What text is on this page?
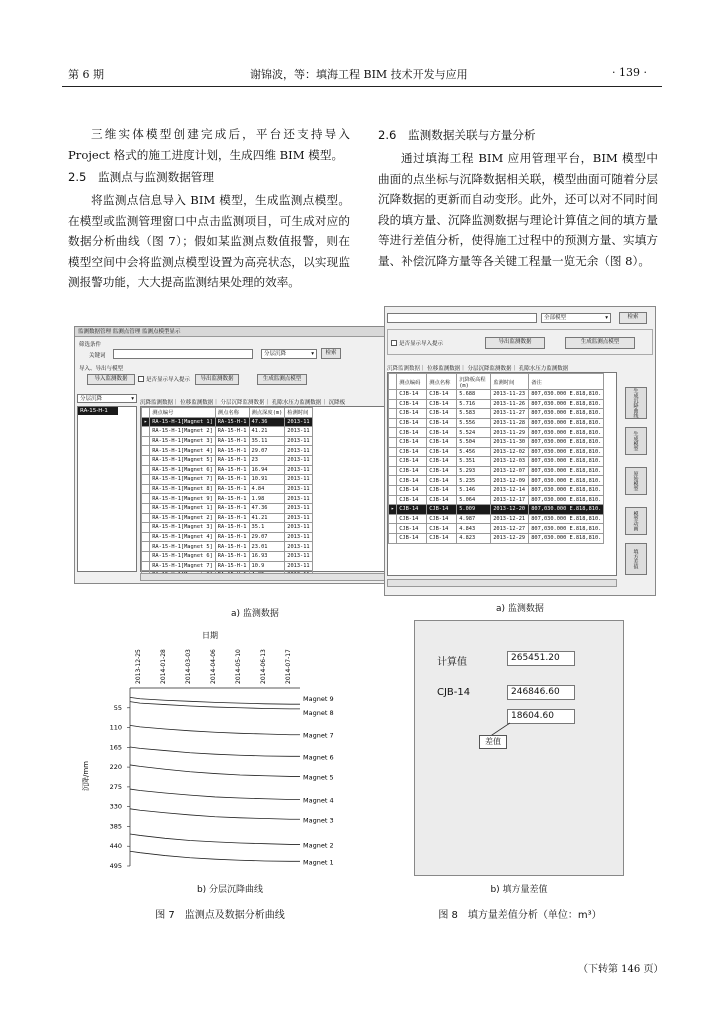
第 6 期	谢锦波，等：填海工程 BIM 技术开发与应用	· 139 ·
三维实体模型创建完成后，平台还支持导入 Project 格式的施工进度计划，生成四维 BIM 模型。
2.5　监测点与监测数据管理
将监测点信息导入 BIM 模型，生成监测点模型。在模型或监测管理窗口中点击监测项目，可生成对应的数据分析曲线（图 7）；假如某监测点数值报警，则在模型空间中会将监测点模型设置为高亮状态，以实现监测报警功能，大大提高监测结果处理的效率。
2.6　监测数据关联与方量分析
通过填海工程 BIM 应用管理平台，BIM 模型中曲面的点坐标与沉降数据相关联，模型曲面可随着分层沉降数据的更新而自动变形。此外，还可以对不同时间段的填方量、沉降监测数据与理论计算值之间的填方量等进行差值分析，使得施工过程中的预测方量、实填方量、补偿沉降方量等各关键工程量一览无余（图 8）。
监测数据管理 监测点管理 监测点模型显示
筛选条件
关键词	分层沉降	▾	检索
导入、导出与模型
导入监测数据	是否显示导入提示	导出监测数据	生成监测点模型
分层沉降	▾
RA-15-H-1
沉降监测数据｜ 位移监测数据｜ 分层沉降监测数据｜ 孔隙水压力监测数据｜ 沉降板
	测点编号	测点名称	测点深度(m)	检测时间
▸	RA-15-H-1[Magnet 1]	RA-15-H-1	47.36	2013-11
	RA-15-H-1[Magnet 2]	RA-15-H-1	41.21	2013-11
	RA-15-H-1[Magnet 3]	RA-15-H-1	35.11	2013-11
	RA-15-H-1[Magnet 4]	RA-15-H-1	29.07	2013-11
	RA-15-H-1[Magnet 5]	RA-15-H-1	23	2013-11
	RA-15-H-1[Magnet 6]	RA-15-H-1	16.94	2013-11
	RA-15-H-1[Magnet 7]	RA-15-H-1	10.91	2013-11
	RA-15-H-1[Magnet 8]	RA-15-H-1	4.84	2013-11
	RA-15-H-1[Magnet 9]	RA-15-H-1	1.98	2013-11
	RA-15-H-1[Magnet 1]	RA-15-H-1	47.36	2013-11
	RA-15-H-1[Magnet 2]	RA-15-H-1	41.21	2013-11
	RA-15-H-1[Magnet 3]	RA-15-H-1	35.1	2013-11
	RA-15-H-1[Magnet 4]	RA-15-H-1	29.07	2013-11
	RA-15-H-1[Magnet 5]	RA-15-H-1	23.01	2013-11
	RA-15-H-1[Magnet 6]	RA-15-H-1	16.93	2013-11
	RA-15-H-1[Magnet 7]	RA-15-H-1	10.9	2013-11

a) 监测数据
日期
2013-12-25	2014-01-28	2014-03-03	2014-04-06	2014-05-10	2014-06-13	2014-07-17
55
110
165
220
275
330
385
440
495
Magnet 9
Magnet 8
Magnet 7
Magnet 6
Magnet 5
Magnet 4
Magnet 3
Magnet 2
Magnet 1
沉降/mm
b) 分层沉降曲线
图 7　监测点及数据分析曲线
全部模型	▾	检索
是否显示导入提示	导出监测数据	生成监测点模型
沉降监测数据｜ 位移监测数据｜ 分层沉降监测数据｜ 孔隙水压力监测数据
	测点编码	测点名称	沉降板高程(m)	监测时间	备注
	CJB-14	CJB-14	5.688	2013-11-23	807,030.000 E.818,810.
	CJB-14	CJB-14	5.716	2013-11-26	807,030.000 E.818,810.
	CJB-14	CJB-14	5.583	2013-11-27	807,030.000 E.818,810.
	CJB-14	CJB-14	5.556	2013-11-28	807,030.000 E.818,810.
	CJB-14	CJB-14	5.524	2013-11-29	807,030.000 E.818,810.
	CJB-14	CJB-14	5.504	2013-11-30	807,030.000 E.818,810.
	CJB-14	CJB-14	5.456	2013-12-02	807,030.000 E.818,810.
	CJB-14	CJB-14	5.351	2013-12-03	807,030.000 E.818,810.
	CJB-14	CJB-14	5.293	2013-12-07	807,030.000 E.818,810.
	CJB-14	CJB-14	5.235	2013-12-09	807,030.000 E.818,810.
	CJB-14	CJB-14	5.146	2013-12-14	807,030.000 E.818,810.
	CJB-14	CJB-14	5.064	2013-12-17	807,030.000 E.818,810.
▸	CJB-14	CJB-14	5.009	2013-12-20	807,030.000 E.818,810.
	CJB-14	CJB-14	4.987	2013-12-21	807,030.000 E.818,810.
	CJB-14	CJB-14	4.843	2013-12-27	807,030.000 E.818,810.
	CJB-14	CJB-14	4.823	2013-12-29	807,030.000 E.818,810.
生成沉降曲线
生成模型
原始模型
模型动画
填方差值
a) 监测数据
计算值	265451.20
CJB-14	246846.60
18604.60
差值
b) 填方量差值
图 8　填方量差值分析（单位：m³）
（下转第 146 页）
